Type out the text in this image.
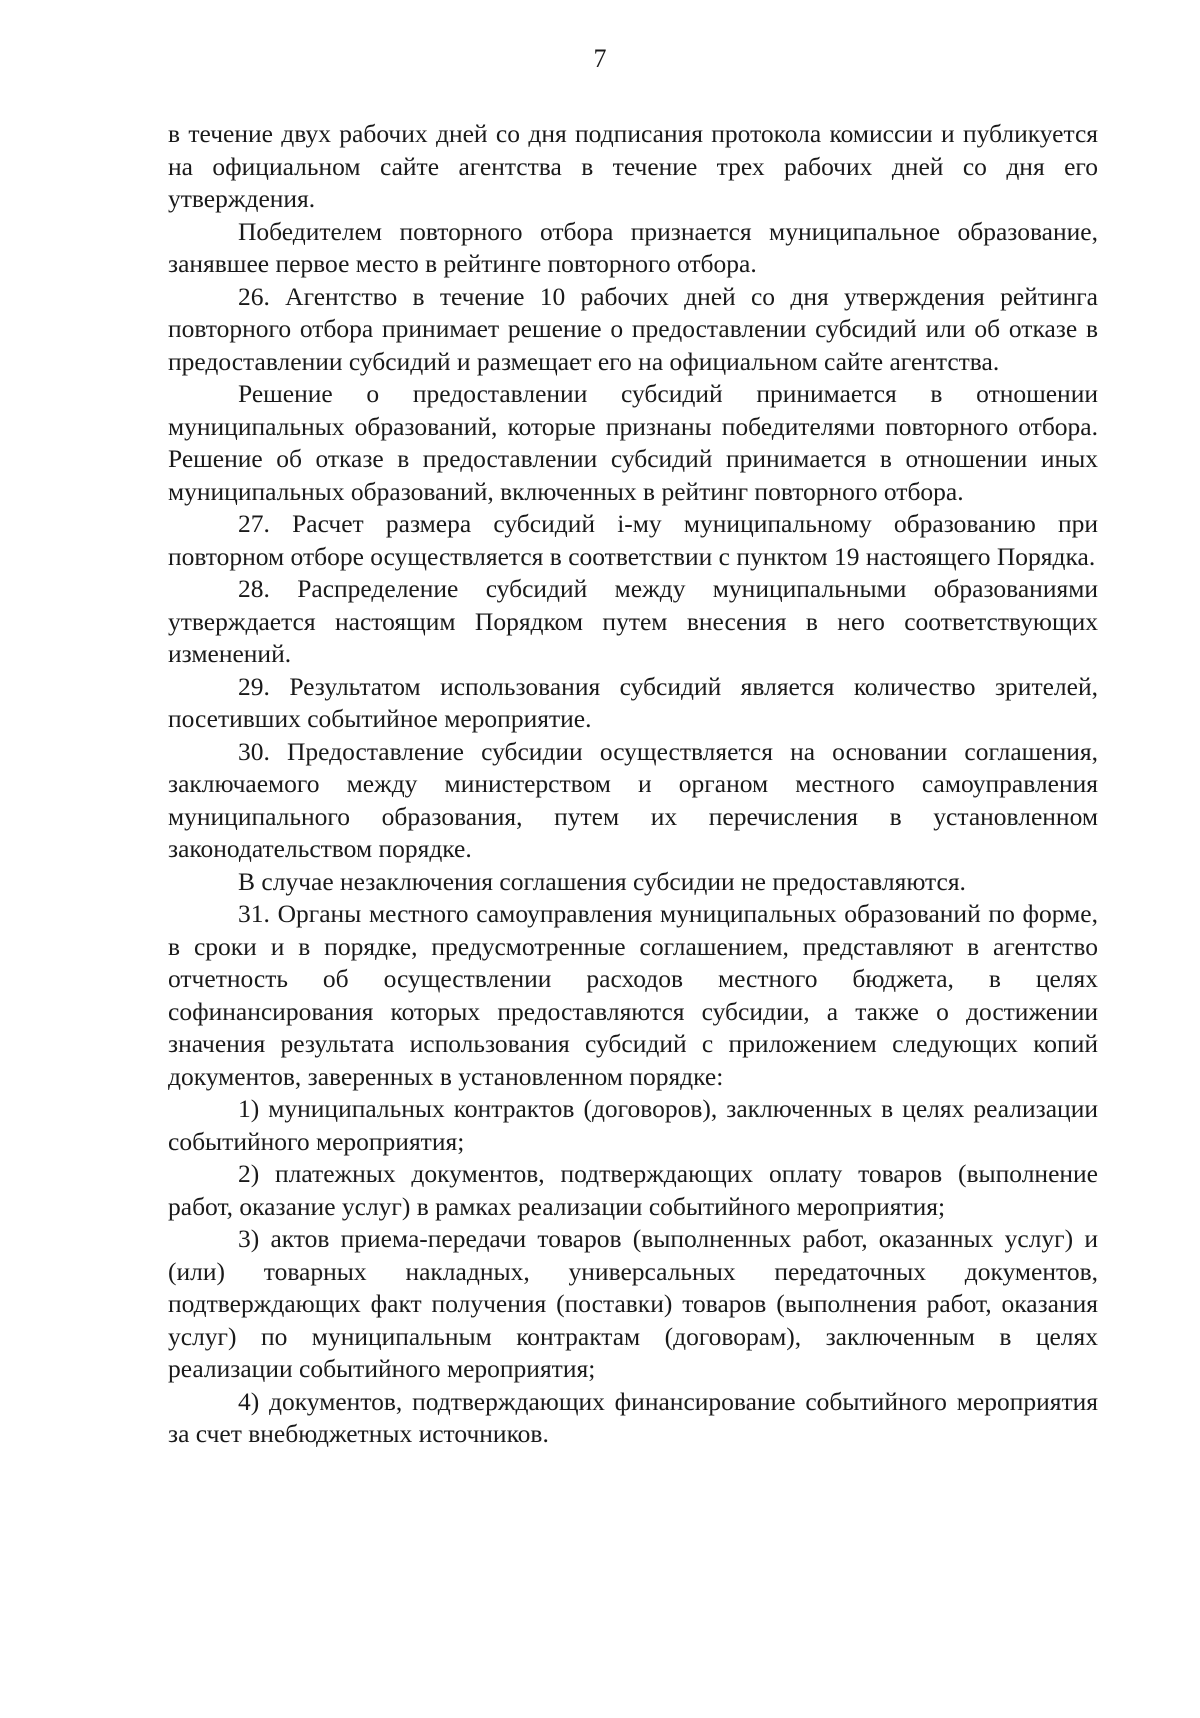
7

в течение двух рабочих дней со дня подписания протокола комиссии и публикуется на официальном сайте агентства в течение трех рабочих дней со дня его утверждения.

Победителем повторного отбора признается муниципальное образование, занявшее первое место в рейтинге повторного отбора.

26. Агентство в течение 10 рабочих дней со дня утверждения рейтинга повторного отбора принимает решение о предоставлении субсидий или об отказе в предоставлении субсидий и размещает его на официальном сайте агентства.

Решение о предоставлении субсидий принимается в отношении муниципальных образований, которые признаны победителями повторного отбора. Решение об отказе в предоставлении субсидий принимается в отношении иных муниципальных образований, включенных в рейтинг повторного отбора.

27. Расчет размера субсидий i-му муниципальному образованию при повторном отборе осуществляется в соответствии с пунктом 19 настоящего Порядка.

28. Распределение субсидий между муниципальными образованиями утверждается настоящим Порядком путем внесения в него соответствующих изменений.

29. Результатом использования субсидий является количество зрителей, посетивших событийное мероприятие.

30. Предоставление субсидии осуществляется на основании соглашения, заключаемого между министерством и органом местного самоуправления муниципального образования, путем их перечисления в установленном законодательством порядке.

В случае незаключения соглашения субсидии не предоставляются.

31. Органы местного самоуправления муниципальных образований по форме, в сроки и в порядке, предусмотренные соглашением, представляют в агентство отчетность об осуществлении расходов местного бюджета, в целях софинансирования которых предоставляются субсидии, а также о достижении значения результата использования субсидий с приложением следующих копий документов, заверенных в установленном порядке:

1) муниципальных контрактов (договоров), заключенных в целях реализации событийного мероприятия;

2) платежных документов, подтверждающих оплату товаров (выполнение работ, оказание услуг) в рамках реализации событийного мероприятия;

3) актов приема-передачи товаров (выполненных работ, оказанных услуг) и (или) товарных накладных, универсальных передаточных документов, подтверждающих факт получения (поставки) товаров (выполнения работ, оказания услуг) по муниципальным контрактам (договорам), заключенным в целях реализации событийного мероприятия;

4) документов, подтверждающих финансирование событийного мероприятия за счет внебюджетных источников.
